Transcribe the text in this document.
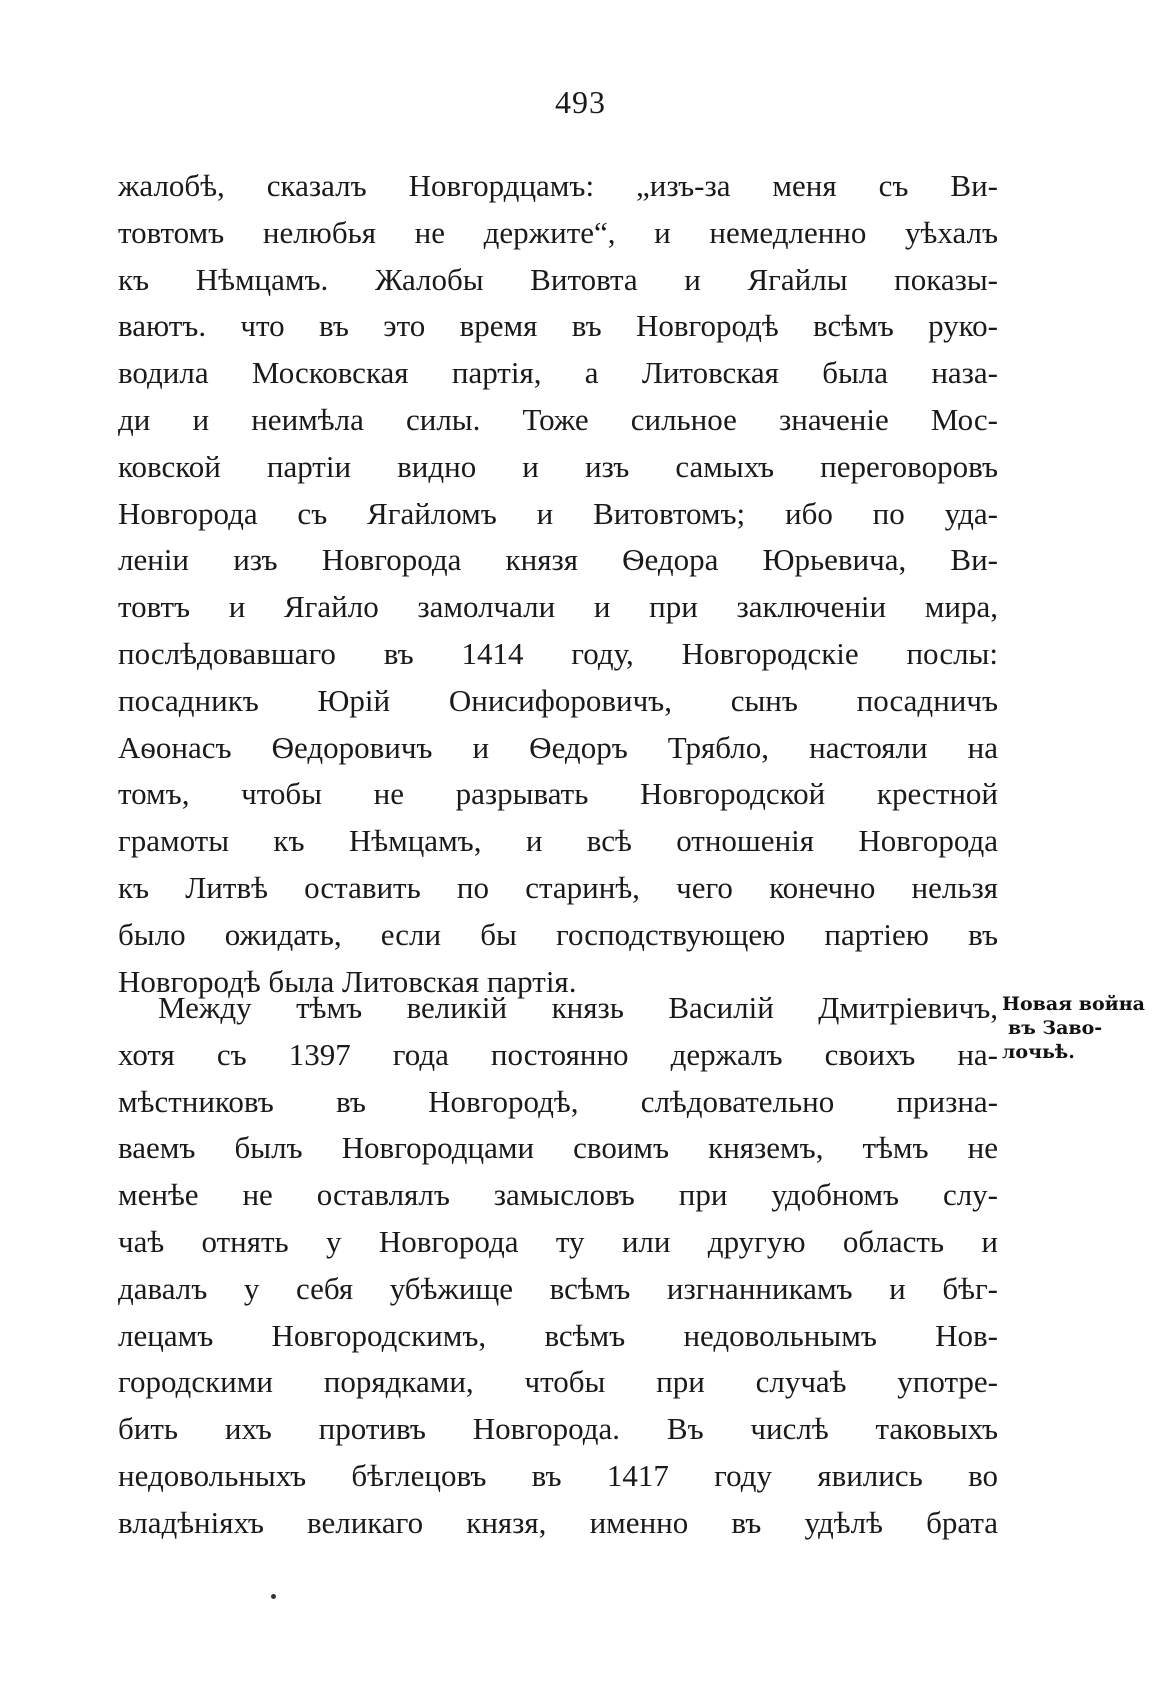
493
жалобѣ, сказалъ Новгордцамъ: „изъ-за меня съ Ви-
товтомъ нелюбья не держите“, и немедленно уѣхалъ
къ Нѣмцамъ. Жалобы Витовта и Ягайлы показы-
ваютъ. что въ это время въ Новгородѣ всѣмъ руко-
водила Московская партія, а Литовская была наза-
ди и неимѣла силы. Тоже сильное значеніе Мос-
ковской партіи видно и изъ самыхъ переговоровъ
Новгорода съ Ягайломъ и Витовтомъ; ибо по уда-
леніи изъ Новгорода князя Ѳедора Юрьевича, Ви-
товтъ и Ягайло замолчали и при заключеніи мира,
послѣдовавшаго въ 1414 году, Новгородскіе послы:
посадникъ Юрій Онисифоровичъ, сынъ посадничъ
Аѳонасъ Ѳедоровичъ и Ѳедоръ Трябло, настояли на
томъ, чтобы не разрывать Новгородской крестной
грамоты къ Нѣмцамъ, и всѣ отношенія Новгорода
къ Литвѣ оставить по старинѣ, чего конечно нельзя
было ожидать, если бы господствующею партіею въ
Новгородѣ была Литовская партія.
Между тѣмъ великій князь Василій Дмитріевичъ,
хотя съ 1397 года постоянно держалъ своихъ на-
мѣстниковъ въ Новгородѣ, слѣдовательно призна-
ваемъ былъ Новгородцами своимъ княземъ, тѣмъ не
менѣе не оставлялъ замысловъ при удобномъ слу-
чаѣ отнять у Новгорода ту или другую область и
давалъ у себя убѣжище всѣмъ изгнанникамъ и бѣг-
лецамъ Новгородскимъ, всѣмъ недовольнымъ Нов-
городскими порядками, чтобы при случаѣ употре-
бить ихъ противъ Новгорода. Въ числѣ таковыхъ
недовольныхъ бѣглецовъ въ 1417 году явились во
владѣніяхъ великаго князя, именно въ удѣлѣ брата
Новая война
въ Заво-
лочьѣ.
